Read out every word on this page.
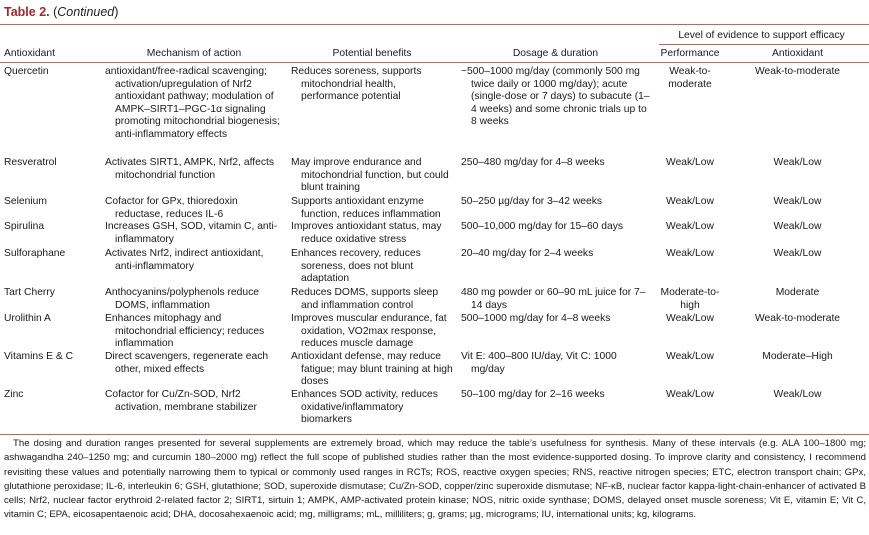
Table 2. (Continued)
				Level of evidence to support efficacy	
Antioxidant	Mechanism of action	Potential benefits	Dosage & duration	Performance	Antioxidant
Quercetin	antioxidant/free-radical scavenging; activation/upregulation of Nrf2 antioxidant pathway; modulation of AMPK–SIRT1–PGC-1α signaling promoting mitochondrial biogenesis; anti-inflammatory effects	Reduces soreness, supports mitochondrial health, performance potential	~500–1000 mg/day (commonly 500 mg twice daily or 1000 mg/day); acute (single-dose or 7 days) to subacute (1–4 weeks) and some chronic trials up to 8 weeks	Weak-to-moderate	Weak-to-moderate
Resveratrol	Activates SIRT1, AMPK, Nrf2, affects mitochondrial function	May improve endurance and mitochondrial function, but could blunt training	250–480 mg/day for 4–8 weeks	Weak/Low	Weak/Low
Selenium	Cofactor for GPx, thioredoxin reductase, reduces IL-6	Supports antioxidant enzyme function, reduces inflammation	50–250 µg/day for 3–42 weeks	Weak/Low	Weak/Low
Spirulina	Increases GSH, SOD, vitamin C, anti-inflammatory	Improves antioxidant status, may reduce oxidative stress	500–10,000 mg/day for 15–60 days	Weak/Low	Weak/Low
Sulforaphane	Activates Nrf2, indirect antioxidant, anti-inflammatory	Enhances recovery, reduces soreness, does not blunt adaptation	20–40 mg/day for 2–4 weeks	Weak/Low	Weak/Low
Tart Cherry	Anthocyanins/polyphenols reduce DOMS, inflammation	Reduces DOMS, supports sleep and inflammation control	480 mg powder or 60–90 mL juice for 7–14 days	Moderate-to-high	Moderate
Urolithin A	Enhances mitophagy and mitochondrial efficiency; reduces inflammation	Improves muscular endurance, fat oxidation, VO2max response, reduces muscle damage	500–1000 mg/day for 4–8 weeks	Weak/Low	Weak-to-moderate
Vitamins E & C	Direct scavengers, regenerate each other, mixed effects	Antioxidant defense, may reduce fatigue; may blunt training at high doses	Vit E: 400–800 IU/day, Vit C: 1000 mg/day	Weak/Low	Moderate–High
Zinc	Cofactor for Cu/Zn-SOD, Nrf2 activation, membrane stabilizer	Enhances SOD activity, reduces oxidative/inflammatory biomarkers	50–100 mg/day for 2–16 weeks	Weak/Low	Weak/Low
The dosing and duration ranges presented for several supplements are extremely broad, which may reduce the table’s usefulness for synthesis. Many of these intervals (e.g. ALA 100–1800 mg; ashwagandha 240–1250 mg; and curcumin 180–2000 mg) reflect the full scope of published studies rather than the most evidence-supported dosing. To improve clarity and consistency, I recommend revisiting these values and potentially narrowing them to typical or commonly used ranges in RCTs; ROS, reactive oxygen species; RNS, reactive nitrogen species; ETC, electron transport chain; GPx, glutathione peroxidase; IL-6, interleukin 6; GSH, glutathione; SOD, superoxide dismutase; Cu/Zn-SOD, copper/zinc superoxide dismutase; NF-κB, nuclear factor kappa-light-chain-enhancer of activated B cells; Nrf2, nuclear factor erythroid 2-related factor 2; SIRT1, sirtuin 1; AMPK, AMP-activated protein kinase; NOS, nitric oxide synthase; DOMS, delayed onset muscle soreness; Vit E, vitamin E; Vit C, vitamin C; EPA, eicosapentaenoic acid; DHA, docosahexaenoic acid; mg, milligrams; mL, milliliters; g, grams; µg, micrograms; IU, international units; kg, kilograms.
